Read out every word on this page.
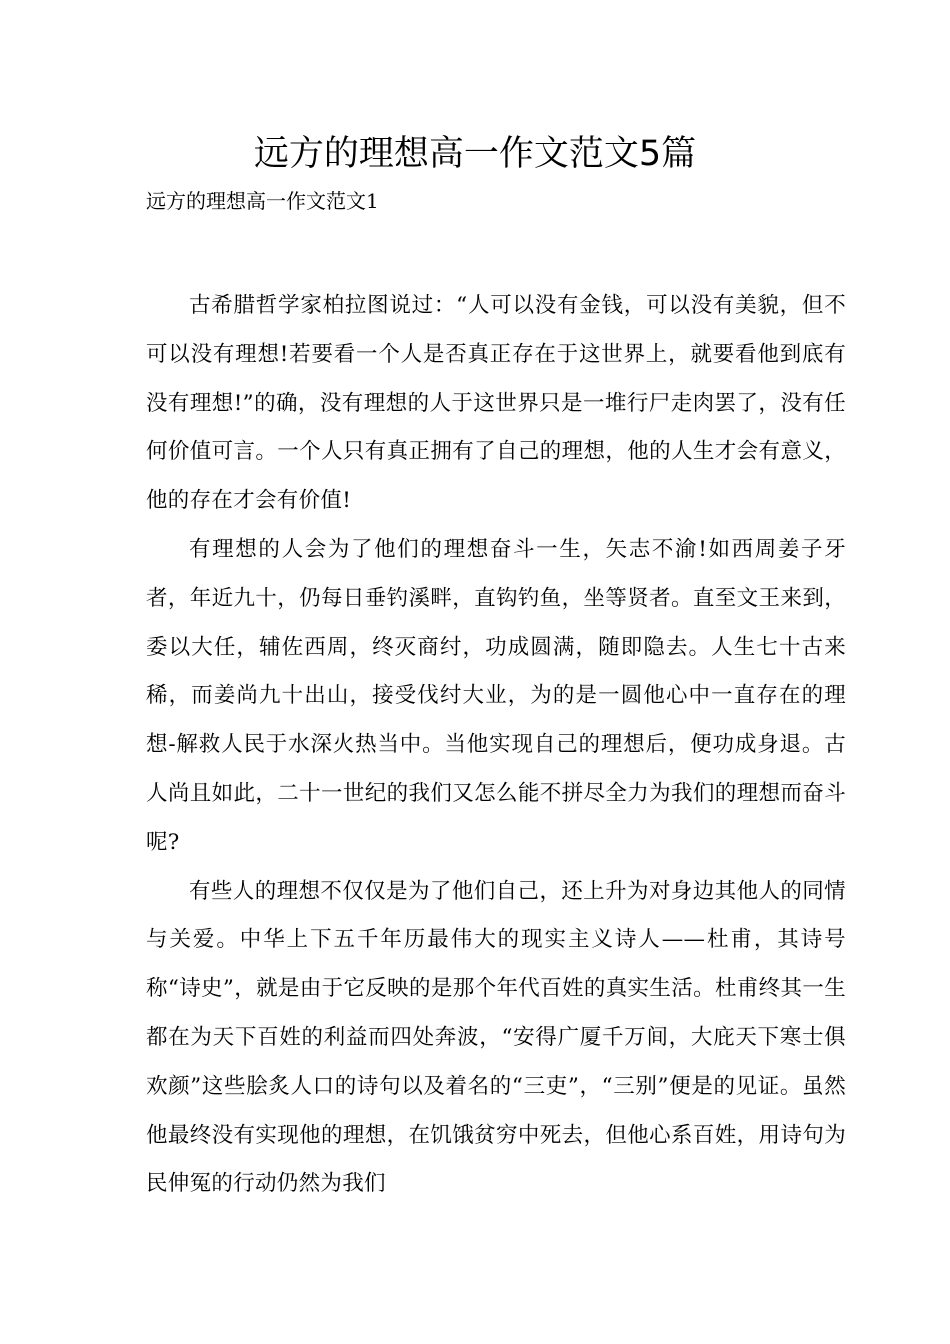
远方的理想高一作文范文5篇

远方的理想高一作文范文1

古希腊哲学家柏拉图说过：“人可以没有金钱，可以没有美貌，但不可以没有理想!若要看一个人是否真正存在于这世界上，就要看他到底有没有理想!”的确，没有理想的人于这世界只是一堆行尸走肉罢了，没有任何价值可言。一个人只有真正拥有了自己的理想，他的人生才会有意义，他的存在才会有价值!

有理想的人会为了他们的理想奋斗一生，矢志不渝!如西周姜子牙者，年近九十，仍每日垂钓溪畔，直钩钓鱼，坐等贤者。直至文王来到，委以大任，辅佐西周，终灭商纣，功成圆满，随即隐去。人生七十古来稀，而姜尚九十出山，接受伐纣大业，为的是一圆他心中一直存在的理想-解救人民于水深火热当中。当他实现自己的理想后，便功成身退。古人尚且如此，二十一世纪的我们又怎么能不拼尽全力为我们的理想而奋斗呢?

有些人的理想不仅仅是为了他们自己，还上升为对身边其他人的同情与关爱。中华上下五千年历最伟大的现实主义诗人——杜甫，其诗号称“诗史”，就是由于它反映的是那个年代百姓的真实生活。杜甫终其一生都在为天下百姓的利益而四处奔波，“安得广厦千万间，大庇天下寒士俱欢颜”这些脍炙人口的诗句以及着名的“三吏”，“三别”便是的见证。虽然他最终没有实现他的理想，在饥饿贫穷中死去，但他心系百姓，用诗句为民伸冤的行动仍然为我们
